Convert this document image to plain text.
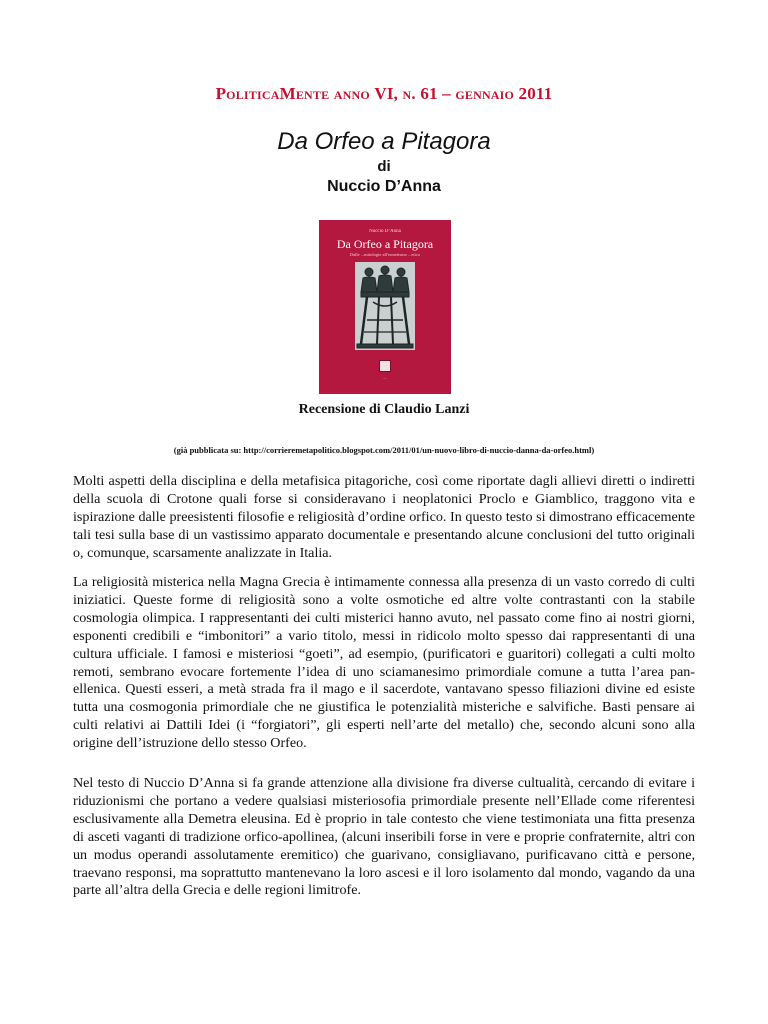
PoliticaMente anno VI, n. 61 – gennaio 2011
Da Orfeo a Pitagora
di
Nuccio D’Anna
Nuccio D’Anna
Da Orfeo a Pitagora
Dalle ...mitologie all'ermetismo ...etico
—
Recensione di Claudio Lanzi
(già pubblicata su: http://corrieremetapolitico.blogspot.com/2011/01/un-nuovo-libro-di-nuccio-danna-da-orfeo.html)

Molti aspetti della disciplina e della metafisica pitagoriche, così come riportate dagli allievi diretti o indiretti della scuola di Crotone quali forse si consideravano i neoplatonici Proclo e Giamblico, traggono vita e ispirazione dalle preesistenti filosofie e religiosità d’ordine orfico. In questo testo si dimostrano efficacemente tali tesi sulla base di un vastissimo apparato documentale e presentando alcune conclusioni del tutto originali o, comunque, scarsamente analizzate in Italia.

La religiosità misterica nella Magna Grecia è intimamente connessa alla presenza di un vasto corredo di culti iniziatici. Queste forme di religiosità sono a volte osmotiche ed altre volte contrastanti con la stabile cosmologia olimpica. I rappresentanti dei culti misterici hanno avuto, nel passato come fino ai nostri giorni, esponenti credibili e “imbonitori” a vario titolo, messi in ridicolo molto spesso dai rappresentanti di una cultura ufficiale. I famosi e misteriosi “goeti”, ad esempio, (purificatori e guaritori) collegati a culti molto remoti, sembrano evocare fortemente l’idea di uno sciamanesimo primordiale comune a tutta l’area pan-ellenica. Questi esseri, a metà strada fra il mago e il sacerdote, vantavano spesso filiazioni divine ed esiste tutta una cosmogonia primordiale che ne giustifica le potenzialità misteriche e salvifiche. Basti pensare ai culti relativi ai Dattili Idei (i “forgiatori”, gli esperti nell’arte del metallo) che, secondo alcuni sono alla origine dell’istruzione dello stesso Orfeo.

Nel testo di Nuccio D’Anna si fa grande attenzione alla divisione fra diverse cultualità, cercando di evitare i riduzionismi che portano a vedere qualsiasi misteriosofia primordiale presente nell’Ellade come riferentesi esclusivamente alla Demetra eleusina. Ed è proprio in tale contesto che viene testimoniata una fitta presenza di asceti vaganti di tradizione orfico-apollinea, (alcuni inseribili forse in vere e proprie confraternite, altri con un modus operandi assolutamente eremitico) che guarivano, consigliavano, purificavano città e persone, traevano responsi, ma soprattutto mantenevano la loro ascesi e il loro isolamento dal mondo, vagando da una parte all’altra della Grecia e delle regioni limitrofe.
